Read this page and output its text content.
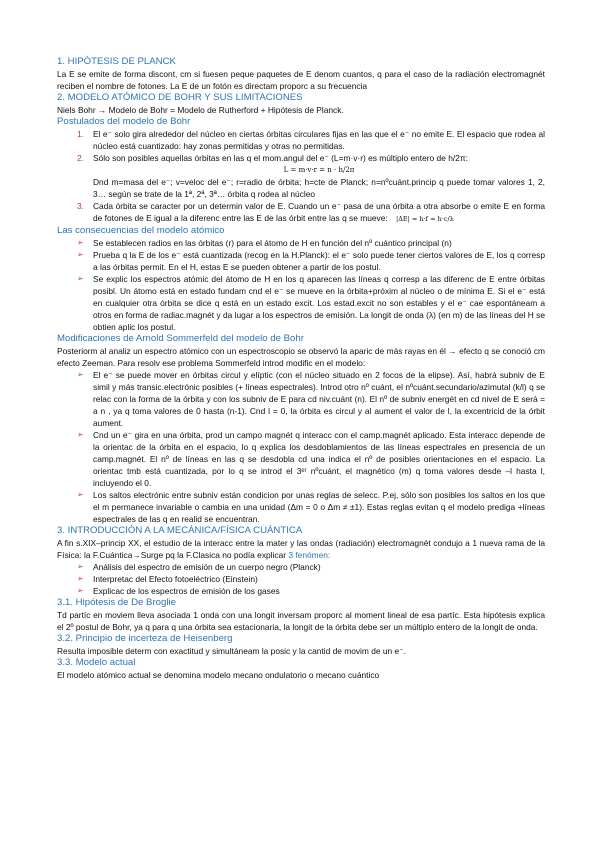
1. HIPÓTESIS DE PLANCK

La E se emite de forma discont, cm si fuesen peque paquetes de E denom cuantos, q para el caso de la radiación electromagnét reciben el nombre de fotones. La E de un fotón es directam proporc a su frecuencia

2. MODELO ATÓMICO DE BOHR Y SUS LIMITACIONES

Niels Bohr → Modelo de Bohr = Modelo de Rutherford + Hipótesis de Planck.

Postulados del modelo de Bohr
1. El e⁻ solo gira alrededor del núcleo en ciertas órbitas circulares fijas en las que el e⁻ no emite E. El espacio que rodea al núcleo está cuantizado: hay zonas permitidas y otras no permitidas.
2. Sólo son posibles aquellas órbitas en las q el mom.angul del e⁻ (L=m·v·r) es múltiplo entero de h/2π:
L = m·v·r = n · h/2π
Dnd m=masa del e⁻; v=veloc del e⁻; r=radio de órbita; h=cte de Planck; n=nºcuánt.princip q puede tomar valores 1, 2, 3… según se trate de la 1ª, 2ª, 3ª… órbita q rodea al núcleo
3. Cada órbita se caracter por un determin valor de E. Cuando un e⁻ pasa de una órbita a otra absorbe o emite E en forma de fotones de E igual a la diferenc entre las E de las órbit entre las q se mueve: |ΔE| = h·f = h·c/λ
Las consecuencias del modelo atómico
➢ Se establecen radios en las órbitas (r) para el átomo de H en función del nº cuántico principal (n)
➢ Prueba q la E de los e⁻ está cuantizada (recog en la H.Planck): el e⁻ solo puede tener ciertos valores de E, los q corresp a las órbitas permit. En el H, estas E se pueden obtener a partir de los postul.
➢ Se explic los espectros atómic del átomo de H en los q aparecen las líneas q corresp a las diferenc de E entre órbitas posibl. Un átomo está en estado fundam cnd el e⁻ se mueve en la órbita+próxim al núcleo o de mínima E. Si el e⁻ está en cualquier otra órbita se dice q está en un estado excit. Los estad.excit no son estables y el e⁻ cae espontáneam a otros en forma de radiac.magnét y da lugar a los espectros de emisión. La longit de onda (λ) (en m) de las líneas del H se obtien aplic los postul.
Modificaciones de Arnold Sommerfeld del modelo de Bohr

Posteriorm al analiz un espectro atómico con un espectroscopio se observó la aparic de más rayas en él → efecto q se conoció cm efecto Zeeman. Para resolv ese problema Sommerfeld introd modific en el modelo:

➢ El e⁻ se puede mover en órbitas circul y elíptic (con el núcleo situado en 2 focos de la elipse). Así, habrá subniv de E simil y más transic.electrónic posibles (+ líneas espectrales). Introd otro nº cuánt, el nºcuánt.secundario/azimutal (k/l) q se relac con la forma de la órbita y con los subniv de E para cd niv.cuánt (n). El nº de subniv energét en cd nivel de E será = a n , ya q toma valores de 0 hasta (n-1). Cnd l = 0, la órbita es circul y al aument el valor de l, la excentricid de la órbit aument.
➢ Cnd un e⁻ gira en una órbita, prod un campo magnét q interacc con el camp.magnét aplicado. Esta interacc depende de la orientac de la órbita en el espacio, lo q explica los desdoblamientos de las líneas espectrales en presencia de un camp.magnét. El nº de líneas en las q se desdobla cd una indica el nº de posibles orientaciones en el espacio. La orientac tmb está cuantizada, por lo q se introd el 3ᵉʳ nºcuánt, el magnético (m) q toma valores desde –l hasta l, incluyendo el 0.
➢ Los saltos electrónic entre subniv están condicion por unas reglas de selecc. P.ej, sólo son posibles los saltos en los que el m permanece invariable o cambia en una unidad (Δm = 0 o Δm ≠ ±1). Estas reglas evitan q el modelo prediga +líneas espectrales de las q en realid se encuentran.
3. INTRODUCCIÓN A LA MECÁNICA/FÍSICA CUÁNTICA

A fin s.XIX–princip XX, el estudio de la interacc entre la mater y las ondas (radiación) electromagnét condujo a 1 nueva rama de la Física: la F.Cuántica→Surge pq la F.Clasica no podía explicar 3 fenómen:

➢ Análisis del espectro de emisión de un cuerpo negro (Planck)
➢ Interpretac del Efecto fotoeléctrico (Einstein)
➢ Explicac de los espectros de emisión de los gases
3.1. Hipótesis de De Broglie

Td partíc en moviem lleva asociada 1 onda con una longit inversam proporc al moment lineal de esa partíc. Esta hipótesis explica el 2º postul de Bohr, ya q para q una órbita sea estacionaria, la longit de la órbita debe ser un múltiplo entero de la longit de onda.

3.2. Principio de incerteza de Heisenberg

Resulta imposible determ con exactitud y simultáneam la posic y la cantid de movim de un e⁻.

3.3. Modelo actual

El modelo atómico actual se denomina modelo mecano ondulatorio o mecano cuántico
